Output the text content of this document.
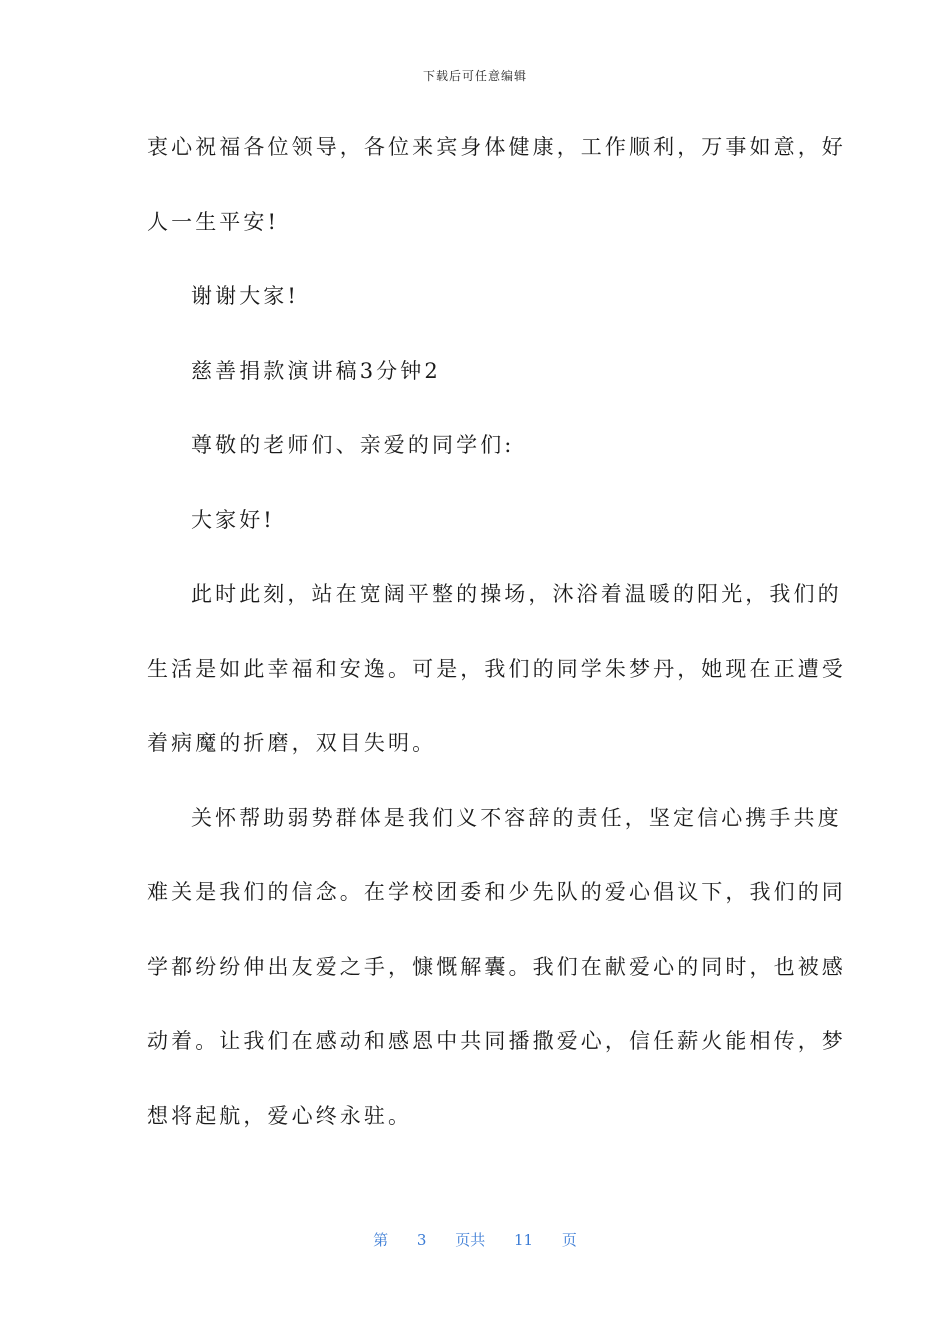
下载后可任意编辑
衷心祝福各位领导，各位来宾身体健康，工作顺利，万事如意，好
人一生平安!
谢谢大家!
慈善捐款演讲稿3分钟2
尊敬的老师们、亲爱的同学们:
大家好!
此时此刻，站在宽阔平整的操场，沐浴着温暖的阳光，我们的
生活是如此幸福和安逸。可是，我们的同学朱梦丹，她现在正遭受
着病魔的折磨，双目失明。
关怀帮助弱势群体是我们义不容辞的责任，坚定信心携手共度
难关是我们的信念。在学校团委和少先队的爱心倡议下，我们的同
学都纷纷伸出友爱之手，慷慨解囊。我们在献爱心的同时，也被感
动着。让我们在感动和感恩中共同播撒爱心，信任薪火能相传，梦
想将起航，爱心终永驻。
第 3 页共 11 页
